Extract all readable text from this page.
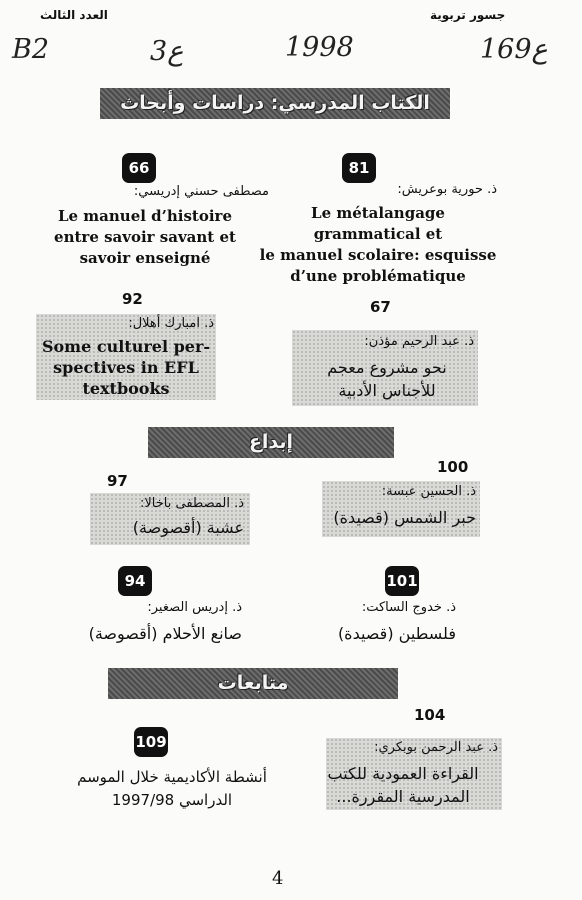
جسور تربوية
العدد الثالث
B2	3ع	1998	169ع
الكتاب المدرسي: دراسات وأبحاث
66
مصطفى حسني إدريسي:
Le manuel d’histoire
entre savoir savant et
savoir enseigné
81
ذ. حورية بوعريش:
Le métalangage grammatical et
le manuel scolaire: esquisse
d’une problématique
92
ذ. امبارك أهلال:
Some culturel per-
spectives in EFL
textbooks
67
ذ. عبد الرحيم مؤذن:
نحو مشروع معجم
للأجناس الأدبية
إبداع
97
ذ. المصطفى باخالا:
عشبة (أقصوصة)
100
ذ. الحسين عبسة:
حبر الشمس (قصيدة)
94
ذ. إدريس الصغير:
صانع الأحلام (أقصوصة)
101
ذ. خدوج الساكت:
فلسطين (قصيدة)
متابعات
104
ذ. عبد الرحمن بوبكري:
القراءة العمودية للكتب
المدرسية المقررة...
109
أنشطة الأكاديمية خلال الموسم
الدراسي 1997/98
4
